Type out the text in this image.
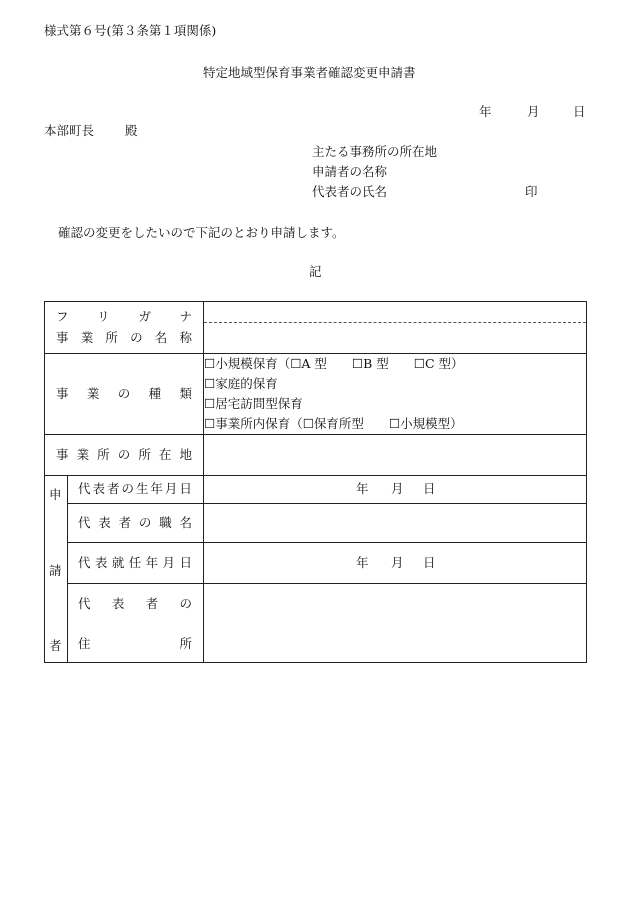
様式第６号(第３条第１項関係)
特定地域型保育事業者確認変更申請書
年	月	日
本部町長 殿
主たる事務所の所在地
申請者の名称
代表者の氏名	印
確認の変更をしたいので下記のとおり申請します。
記
フ リ ガ ナ
事 業 所 の 名 称
事 業 の 種 類
☐小規模保育（☐A 型　　☐B 型　　☐C 型）
☐家庭的保育
☐居宅訪問型保育
☐事業所内保育（☐保育所型　　☐小規模型）
事 業 所 の 所 在 地
申
請
者
代 表 者 の 生 年 月 日	年 月 日
代 表 者 の 職 名
代 表 就 任 年 月 日	年 月 日
代 表 者 の
住	所
